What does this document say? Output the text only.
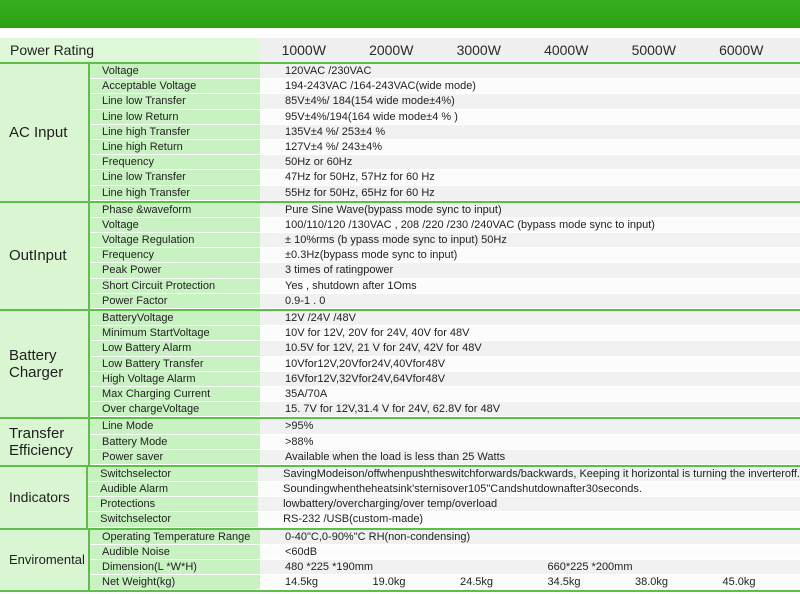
Power Rating	1000W	2000W	3000W	4000W	5000W	6000W
AC Input
Voltage	120VAC /230VAC
Acceptable Voltage	194-243VAC /164-243VAC(wide mode)
Line low Transfer	85V±4%/ 184(154 wide mode±4%)
Line low Return	95V±4%/194(164 wide mode±4 % )
Line high Transfer	135V±4 %/ 253±4 %
Line high Return	127V±4 %/ 243±4%
Frequency	50Hz or 60Hz
Line low Transfer	47Hz for 50Hz, 57Hz for 60 Hz
Line high Transfer	55Hz for 50Hz, 65Hz for 60 Hz
OutInput
Phase &waveform	Pure Sine Wave(bypass mode sync to input)
Voltage	100/110/120 /130VAC , 208 /220 /230 /240VAC (bypass mode sync to input)
Voltage Regulation	± 10%rms (b ypass mode sync to input) 50Hz
Frequency	±0.3Hz(bypass mode sync to input)
Peak Power	3 times of ratingpower
Short Circuit Protection	Yes , shutdown after 1Oms
Power Factor	0.9-1 . 0
Battery Charger
BatteryVoltage	12V /24V /48V
Minimum StartVoltage	10V for 12V, 20V for 24V, 40V for 48V
Low Battery Alarm	10.5V for 12V, 21 V for 24V, 42V for 48V
Low Battery Transfer	10Vfor12V,20Vfor24V,40Vfor48V
High Voltage Alarm	16Vfor12V,32Vfor24V,64Vfor48V
Max Charging Current	35A/70A
Over chargeVoltage	15. 7V for 12V,31.4 V for 24V, 62.8V for 48V
Transfer Efficiency
Line Mode	>95%
Battery Mode	>88%
Power saver	Available when the load is less than 25 Watts
Indicators
Switchselector	SavingModeison/offwhenpushtheswitchforwards/backwards, Keeping it horizontal is turning the inverteroff.
Audible Alarm	Soundingwhentheheatsink'sternisover105"Candshutdownafter30seconds.
Protections	lowbattery/overcharging/over temp/overload
Switchselector	RS-232 /USB(custom-made)
Enviromental
Operating Temperature Range	0-40"C,0-90%"C RH(non-condensing)
Audible Noise	<60dB
Dimension(L *W*H)	480 *225 *190mm	660*225 *200mm
Net Weight(kg)	14.5kg	19.0kg	24.5kg	34.5kg	38.0kg	45.0kg
